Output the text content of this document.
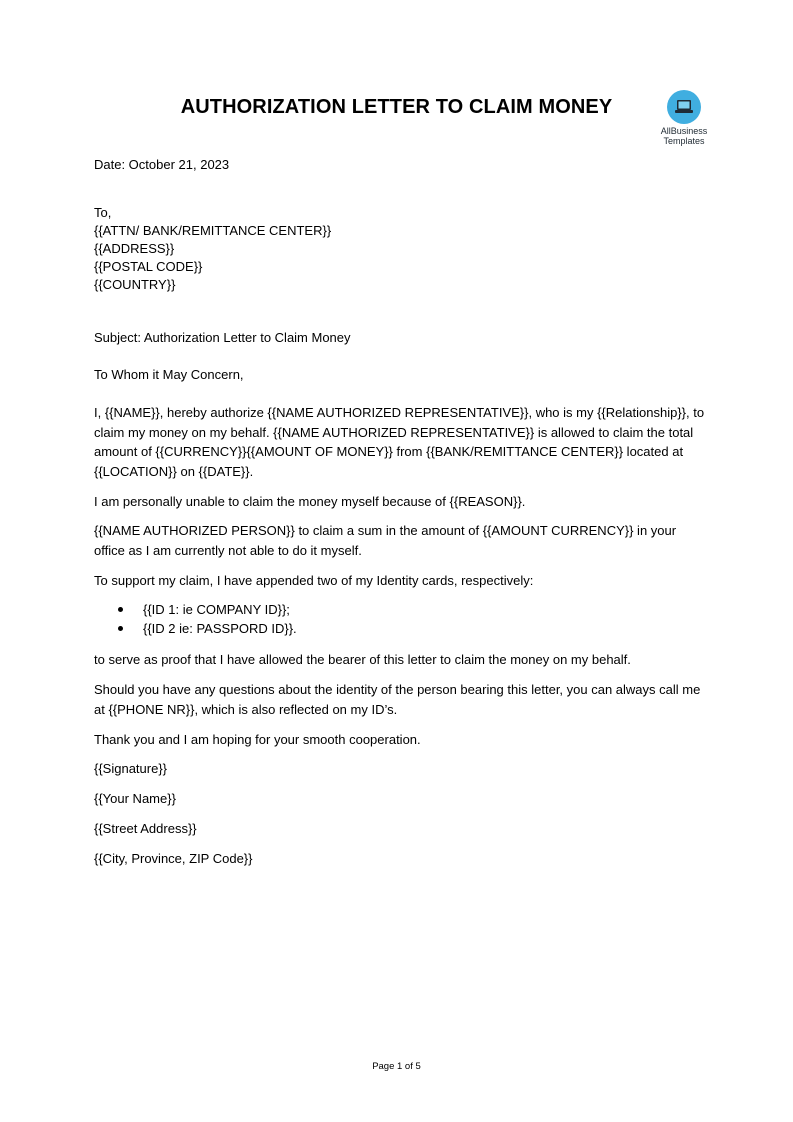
AUTHORIZATION LETTER TO CLAIM MONEY
AllBusiness
Templates
Date: October 21, 2023
To,
{{ATTN/ BANK/REMITTANCE CENTER}}
{{ADDRESS}}
{{POSTAL CODE}}
{{COUNTRY}}
Subject: Authorization Letter to Claim Money
To Whom it May Concern,
I, {{NAME}}, hereby authorize {{NAME AUTHORIZED REPRESENTATIVE}}, who is my {{Relationship}}, to claim my money on my behalf. {{NAME AUTHORIZED REPRESENTATIVE}} is allowed to claim the total amount of {{CURRENCY}}{{AMOUNT OF MONEY}} from {{BANK/REMITTANCE CENTER}} located at {{LOCATION}} on {{DATE}}.
I am personally unable to claim the money myself because of {{REASON}}.
{{NAME AUTHORIZED PERSON}} to claim a sum in the amount of {{AMOUNT CURRENCY}} in your office as I am currently not able to do it myself.
To support my claim, I have appended two of my Identity cards, respectively:
{{ID 1: ie COMPANY ID}};
{{ID 2 ie: PASSPORD ID}}.
to serve as proof that I have allowed the bearer of this letter to claim the money on my behalf.
Should you have any questions about the identity of the person bearing this letter, you can always call me at {{PHONE NR}}, which is also reflected on my ID’s.
Thank you and I am hoping for your smooth cooperation.
{{Signature}}
{{Your Name}}
{{Street Address}}
{{City, Province, ZIP Code}}
Page 1 of 5
